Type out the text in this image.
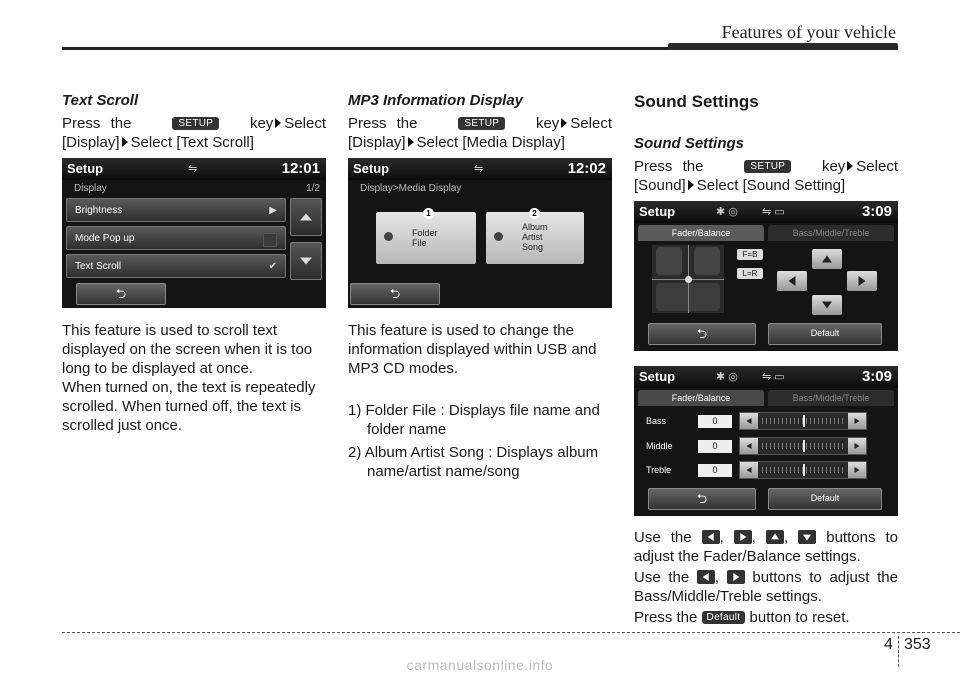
Features of your vehicle
Text Scroll

Press the	SETUP key Select
[Display] Select [Text Scroll]

Setup	⇋	12:01
Display	1/2
Brightness	▶
Mode Pop up
Text Scroll	✔
⮌

This feature is used to scroll text displayed on the screen when it is too long to be displayed at once.

When turned on, the text is repeatedly scrolled. When turned off, the text is scrolled just once.

MP3 Information Display

Press the	SETUP key Select
[Display] Select [Media Display]

Setup	⇋	12:02
Display>Media Display
Folder
File
1
Album
Artist
Song
2
⮌

This feature is used to change the information displayed within USB and MP3 CD modes.

1) Folder File : Displays file name and folder name
2) Album Artist Song : Displays album name/artist name/song
Sound Settings
Sound Settings

Press the	SETUP key Select
[Sound] Select [Sound Setting]

Setup	✱ ◎ ⇋ ▭	3:09
Fader/Balance	Bass/Middle/Treble
F=B
L=R
⮌	Default
Setup	✱ ◎ ⇋ ▭	3:09
Fader/Balance	Bass/Middle/Treble
Bass	0
Middle	0
Treble	0
⮌	Default

Use the , , ,	buttons to
adjust the Fader/Balance settings.

Use the , buttons to adjust the
Bass/Middle/Treble settings.

Press the Default button to reset.

4 353
carmanualsonline.info
